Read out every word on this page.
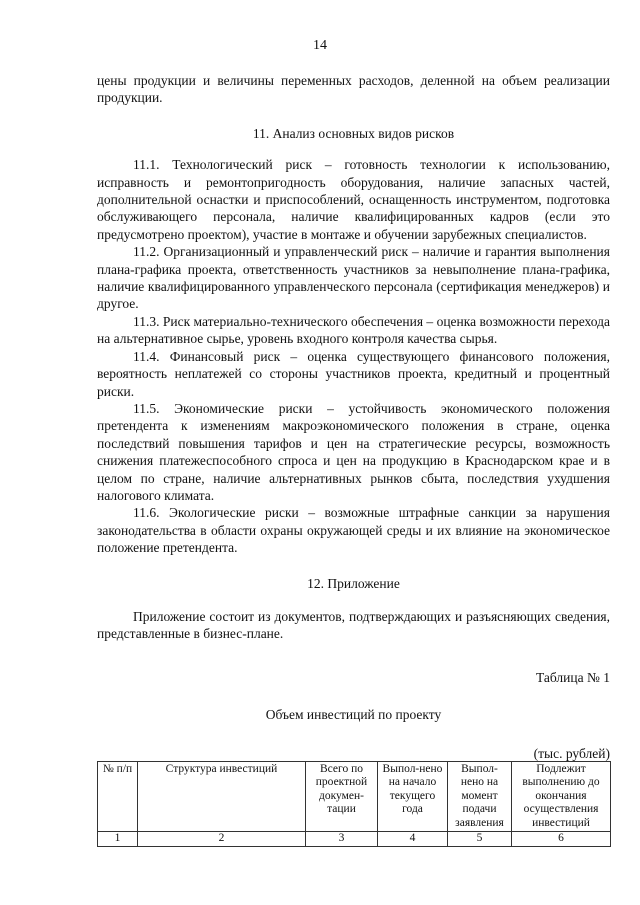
14

цены продукции и величины переменных расходов, деленной на объем реализации продукции.

11. Анализ основных видов рисков

11.1. Технологический риск – готовность технологии к использованию, исправность и ремонтопригодность оборудования, наличие запасных частей, дополнительной оснастки и приспособлений, оснащенность инструментом, подготовка обслуживающего персонала, наличие квалифицированных кадров (если это предусмотрено проектом), участие в монтаже и обучении зарубежных специалистов.

11.2. Организационный и управленческий риск – наличие и гарантия выполнения плана-графика проекта, ответственность участников за невыполнение плана-графика, наличие квалифицированного управленческого персонала (сертификация менеджеров) и другое.

11.3. Риск материально-технического обеспечения – оценка возможности перехода на альтернативное сырье, уровень входного контроля качества сырья.

11.4. Финансовый риск – оценка существующего финансового положения, вероятность неплатежей со стороны участников проекта, кредитный и процентный риски.

11.5. Экономические риски – устойчивость экономического положения претендента к изменениям макроэкономического положения в стране, оценка последствий повышения тарифов и цен на стратегические ресурсы, возможность снижения платежеспособного спроса и цен на продукцию в Краснодарском крае и в целом по стране, наличие альтернативных рынков сбыта, последствия ухудшения налогового климата.

11.6. Экологические риски – возможные штрафные санкции за нарушения законодательства в области охраны окружающей среды и их влияние на экономическое положение претендента.

12. Приложение

Приложение состоит из документов, подтверждающих и разъясняющих сведения, представленные в бизнес-плане.

Таблица № 1

Объем инвестиций по проекту

(тыс. рублей)

№ п/п	Структура инвестиций	Всего по проектной докумен-тации	Выпол-нено на начало текущего года	Выпол-нено на момент подачи заявления	Подлежит выполнению до окончания осуществления инвестиций
1	2	3	4	5	6
